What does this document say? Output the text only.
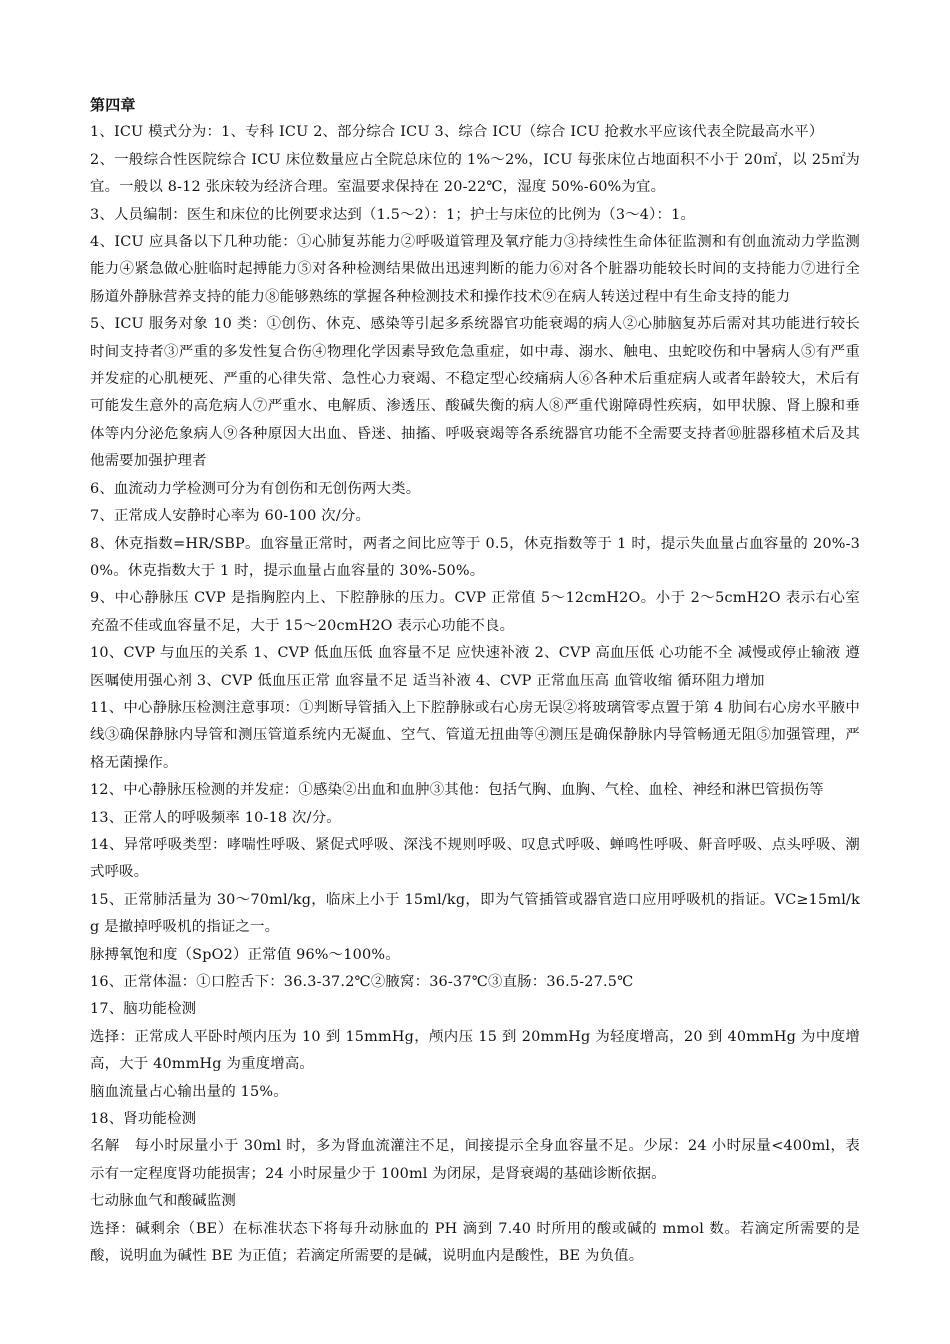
第四章

1、ICU 模式分为：1、专科 ICU 2、部分综合 ICU 3、综合 ICU（综合 ICU 抢救水平应该代表全院最高水平）

2、一般综合性医院综合 ICU 床位数量应占全院总床位的 1%～2%，ICU 每张床位占地面积不小于 20㎡，以 25㎡为宜。一般以 8-12 张床较为经济合理。室温要求保持在 20-22℃，湿度 50%-60%为宜。

3、人员编制：医生和床位的比例要求达到（1.5～2）：1；护士与床位的比例为（3～4）：1。

4、ICU 应具备以下几种功能：①心肺复苏能力②呼吸道管理及氧疗能力③持续性生命体征监测和有创血流动力学监测能力④紧急做心脏临时起搏能力⑤对各种检测结果做出迅速判断的能力⑥对各个脏器功能较长时间的支持能力⑦进行全肠道外静脉营养支持的能力⑧能够熟练的掌握各种检测技术和操作技术⑨在病人转送过程中有生命支持的能力

5、ICU 服务对象 10 类：①创伤、休克、感染等引起多系统器官功能衰竭的病人②心肺脑复苏后需对其功能进行较长时间支持者③严重的多发性复合伤④物理化学因素导致危急重症，如中毒、溺水、触电、虫蛇咬伤和中暑病人⑤有严重并发症的心肌梗死、严重的心律失常、急性心力衰竭、不稳定型心绞痛病人⑥各种术后重症病人或者年龄较大，术后有可能发生意外的高危病人⑦严重水、电解质、渗透压、酸碱失衡的病人⑧严重代谢障碍性疾病，如甲状腺、肾上腺和垂体等内分泌危象病人⑨各种原因大出血、昏迷、抽搐、呼吸衰竭等各系统器官功能不全需要支持者⑩脏器移植术后及其他需要加强护理者

6、血流动力学检测可分为有创伤和无创伤两大类。

7、正常成人安静时心率为 60-100 次/分。

8、休克指数=HR/SBP。血容量正常时，两者之间比应等于 0.5，休克指数等于 1 时，提示失血量占血容量的 20%-30%。休克指数大于 1 时，提示血量占血容量的 30%-50%。

9、中心静脉压 CVP 是指胸腔内上、下腔静脉的压力。CVP 正常值 5～12cmH2O。小于 2～5cmH2O 表示右心室充盈不佳或血容量不足，大于 15～20cmH2O 表示心功能不良。

10、CVP 与血压的关系 1、CVP 低血压低 血容量不足 应快速补液 2、CVP 高血压低 心功能不全 减慢或停止输液 遵医嘱使用强心剂 3、CVP 低血压正常 血容量不足 适当补液 4、CVP 正常血压高 血管收缩 循环阻力增加

11、中心静脉压检测注意事项：①判断导管插入上下腔静脉或右心房无误②将玻璃管零点置于第 4 肋间右心房水平腋中线③确保静脉内导管和测压管道系统内无凝血、空气、管道无扭曲等④测压是确保静脉内导管畅通无阻⑤加强管理，严格无菌操作。

12、中心静脉压检测的并发症：①感染②出血和血肿③其他：包括气胸、血胸、气栓、血栓、神经和淋巴管损伤等

13、正常人的呼吸频率 10-18 次/分。

14、异常呼吸类型：哮喘性呼吸、紧促式呼吸、深浅不规则呼吸、叹息式呼吸、蝉鸣性呼吸、鼾音呼吸、点头呼吸、潮式呼吸。

15、正常肺活量为 30～70ml/kg，临床上小于 15ml/kg，即为气管插管或器官造口应用呼吸机的指证。VC≥15ml/kg 是撤掉呼吸机的指证之一。

脉搏氧饱和度（SpO2）正常值 96%～100%。

16、正常体温：①口腔舌下：36.3-37.2℃②腋窝：36-37℃③直肠：36.5-27.5℃

17、脑功能检测

选择：正常成人平卧时颅内压为 10 到 15mmHg，颅内压 15 到 20mmHg 为轻度增高，20 到 40mmHg 为中度增高，大于 40mmHg 为重度增高。

脑血流量占心输出量的 15%。

18、肾功能检测

名解　每小时尿量小于 30ml 时，多为肾血流灌注不足，间接提示全身血容量不足。少尿：24 小时尿量<400ml，表示有一定程度肾功能损害；24 小时尿量少于 100ml 为闭尿，是肾衰竭的基础诊断依据。

七动脉血气和酸碱监测

选择：碱剩余（BE）在标准状态下将每升动脉血的 PH 滴到 7.40 时所用的酸或碱的 mmol 数。若滴定所需要的是酸，说明血为碱性 BE 为正值；若滴定所需要的是碱，说明血内是酸性，BE 为负值。
